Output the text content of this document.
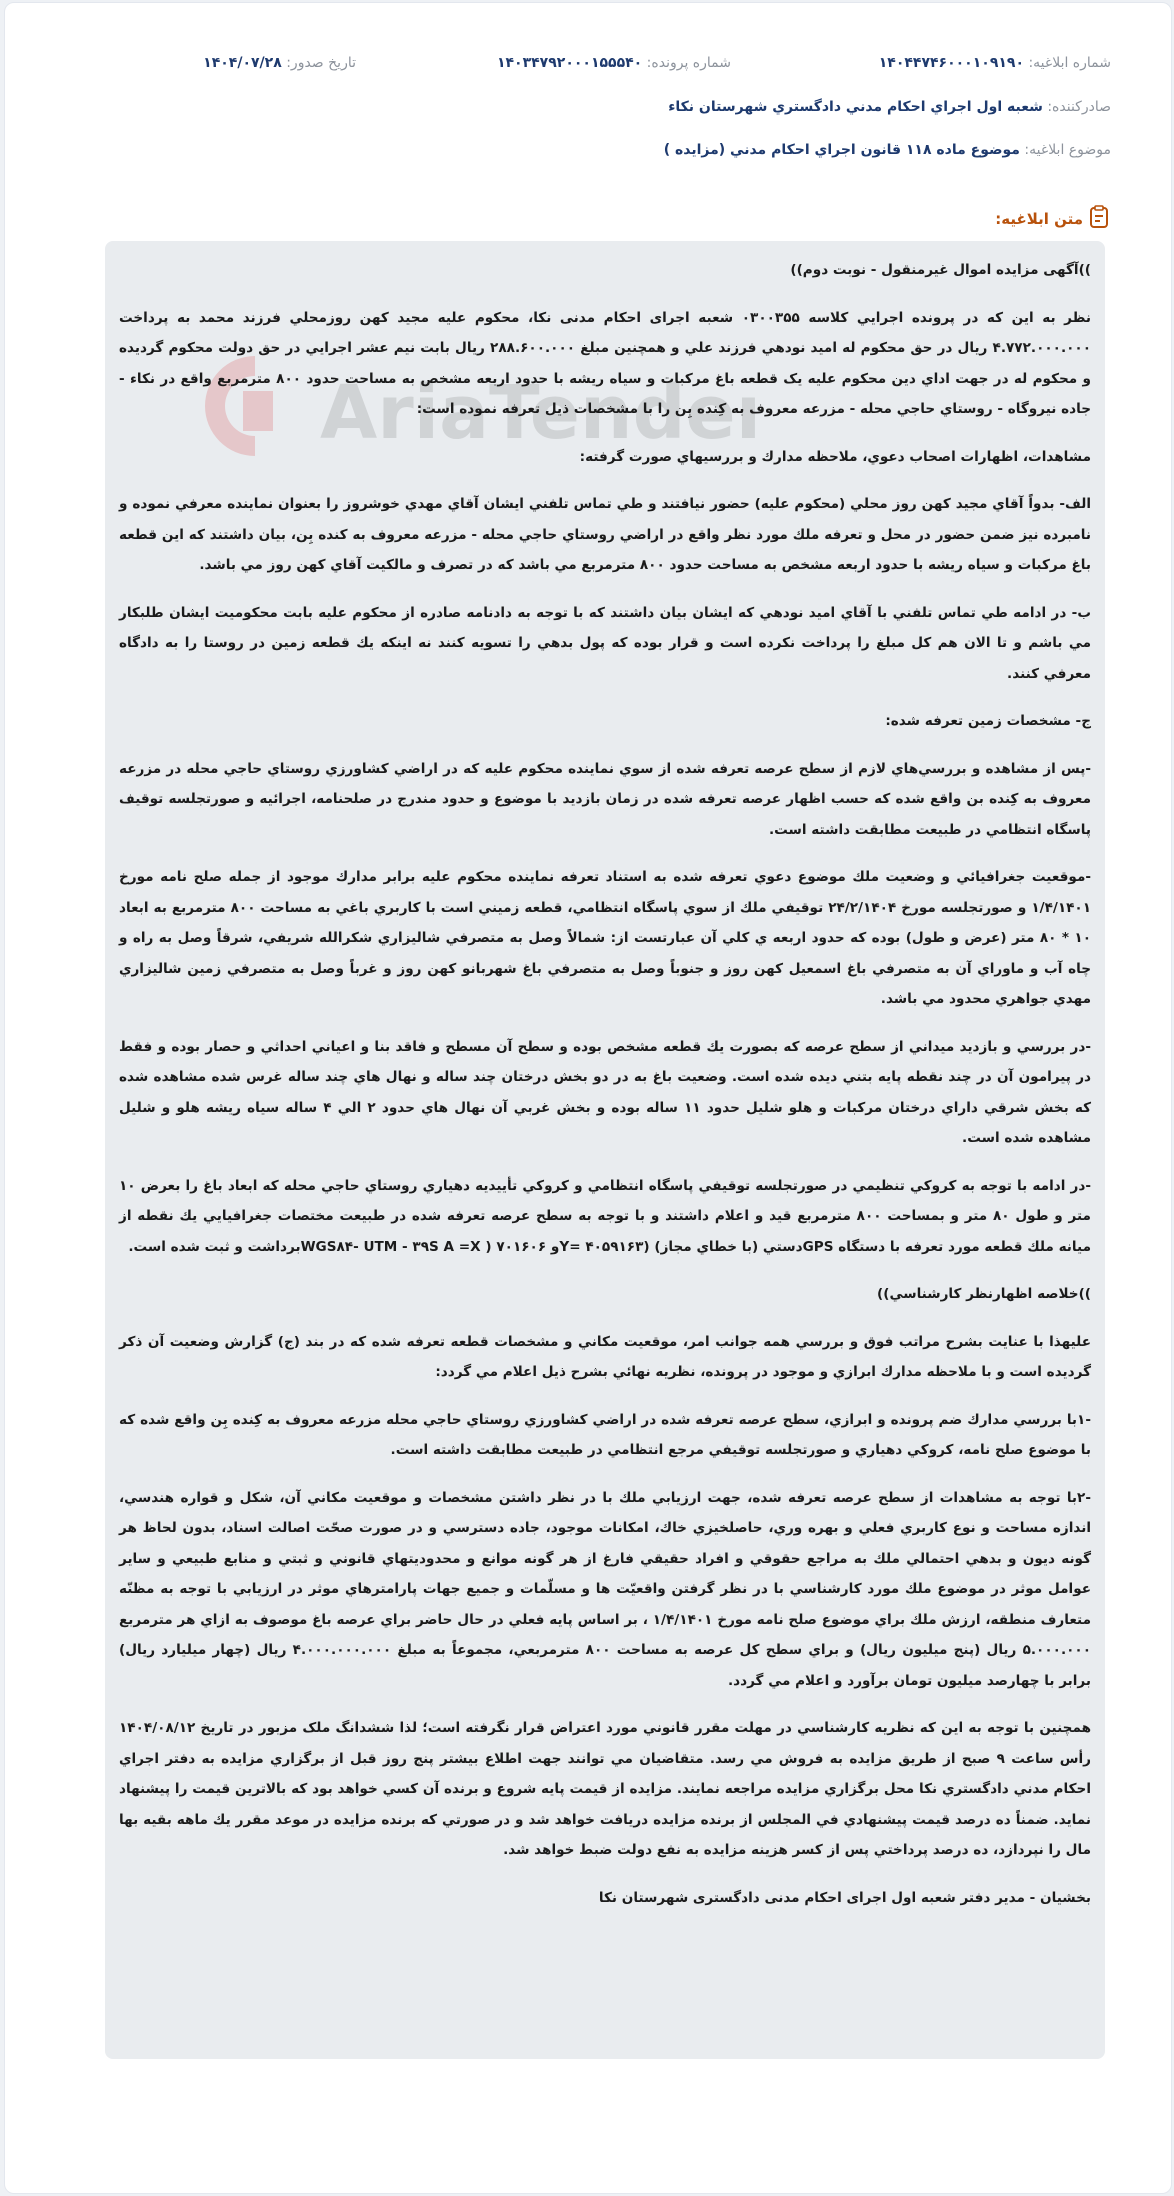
شماره ابلاغیه: ۱۴۰۴۴۷۴۶۰۰۰۱۰۹۱۹۰
شماره پرونده: ۱۴۰۳۴۷۹۲۰۰۰۱۵۵۵۴۰
تاریخ صدور: ۱۴۰۴/۰۷/۲۸
صادرکننده: شعبه اول اجراي احكام مدني دادگستري شهرستان نكاء
موضوع ابلاغیه: موضوع ماده ۱۱۸ قانون اجراي احكام مدني (مزايده )
متن ابلاغیه:
AriaTender

))آگهی مزایده اموال غیرمنقول - نوبت دوم))

نظر به اين که در پرونده اجرايي كلاسه ۰۳۰۰۳۵۵ شعبه اجرای احکام مدنی نکا، محكوم عليه مجيد كهن روزمحلي فرزند محمد به پرداخت ۴.۷۷۲.۰۰۰.۰۰۰ ريال در حق محكوم له اميد نودهي فرزند علي و همچنین مبلغ ۲۸۸.۶۰۰.۰۰۰ ريال بابت نيم عشر اجرايي در حق دولت محكوم گرديده و محكوم له در جهت اداي دين محکوم علیه یک قطعه باغ مرکبات و سیاه ریشه با حدود اربعه مشخص به مساحت حدود ۸۰۰ مترمربع واقع در نکاء - جاده نيروگاه - روستاي حاجي محله - مزرعه معروف به کِنده بِن را با مشخصات ذیل تعرفه نموده است:

مشاهدات، اظهارات اصحاب دعوي، ملاحظه مدارك و بررسيهاي صورت گرفته:

الف- بدواً آقاي مجيد كهن روز محلي (محكوم عليه) حضور نيافتند و طي تماس تلفني ايشان آقاي مهدي خوشروز را بعنوان نماينده معرفي نموده و نامبرده نيز ضمن حضور در محل و تعرفه ملك مورد نظر واقع در اراضي روستاي حاجي محله - مزرعه معروف به کنده بِن، بيان داشتند كه اين قطعه باغ مركبات و سياه ريشه با حدود اربعه مشخص به مساحت حدود ۸۰۰ مترمربع مي باشد كه در تصرف و مالكيت آقاي كهن روز مي باشد.

ب- در ادامه طي تماس تلفني با آقاي اميد نودهي كه ايشان بيان داشتند كه با توجه به دادنامه صادره از محكوم عليه بابت محكوميت ايشان طلبكار مي باشم و تا الان هم كل مبلغ را پرداخت نكرده است و قرار بوده كه پول بدهي را تسويه كنند نه اينكه يك قطعه زمين در روستا را به دادگاه معرفي كنند.

ج- مشخصات زمین تعرفه شده:

-پس از مشاهده و بررسي‌هاي لازم از سطح عرصه تعرفه شده از سوي نماينده محكوم عليه كه در اراضي كشاورزي روستاي حاجي محله در مزرعه معروف به کِنده بن واقع شده كه حسب اظهار عرصه تعرفه شده در زمان بازديد با موضوع و حدود مندرج در صلحنامه، اجرائيه و صورتجلسه توقيف پاسگاه انتظامي در طبيعت مطابقت داشته است.

-موقعيت جغرافيائي و وضعيت ملك موضوع دعوي تعرفه شده به استناد تعرفه نماينده محكوم عليه برابر مدارك موجود از جمله صلح نامه مورخ ۱/۴/۱۴۰۱ و صورتجلسه مورخ ۲۴/۲/۱۴۰۴ توقيفي ملك از سوي پاسگاه انتظامي، قطعه زميني است با كاربري باغي به مساحت ۸۰۰ مترمربع به ابعاد ۱۰ * ۸۰ متر (عرض و طول) بوده كه حدود اربعه ي كلي آن عبارتست از: شمالاً وصل به متصرفي شاليزاري شكرالله شريفي، شرقاً وصل به راه و چاه آب و ماوراي آن به متصرفي باغ اسمعيل كهن روز و جنوباً وصل به متصرفي باغ شهربانو كهن روز و غرباً وصل به متصرفي زمين شاليزاري مهدي جواهري محدود مي باشد.

-در بررسي و بازديد ميداني از سطح عرصه كه بصورت يك قطعه مشخص بوده و سطح آن مسطح و فاقد بنا و اعياني احداثي و حصار بوده و فقط در پيرامون آن در چند نقطه پايه بتني ديده شده است. وضعيت باغ به در دو بخش درختان چند ساله و نهال هاي چند ساله غرس شده مشاهده شده كه بخش شرقي داراي درختان مركبات و هلو شليل حدود ۱۱ ساله بوده و بخش غربي آن نهال هاي حدود ۲ الي ۴ ساله سياه ريشه هلو و شليل مشاهده شده است.

-در ادامه با توجه به كروكي تنظيمي در صورتجلسه توقيفي پاسگاه انتظامي و كروكي تأييديه دهياري روستاي حاجي محله كه ابعاد باغ را بعرض ۱۰ متر و طول ۸۰ متر و بمساحت ۸۰۰ مترمربع قيد و اعلام داشتند و با توجه به سطح عرصه تعرفه شده در طبيعت مختصات جغرافيايي يك نقطه از ميانه ملك قطعه مورد تعرفه با دستگاه GPSدستي (با خطاي مجاز) (۴۰۵۹۱۶۳ =Yو ۷۰۱۶۰۶ ( WGS۸۴- UTM - ۳۹S A =Xبرداشت و ثبت شده است.

))خلاصه اظهارنظر كارشناسي))

عليهذا با عنايت بشرح مراتب فوق و بررسي همه جوانب امر، موقعيت مكاني و مشخصات قطعه تعرفه شده كه در بند (ج) گزارش وضعيت آن ذكر گرديده است و با ملاحظه مدارك ابرازي و موجود در پرونده، نظريه نهائي بشرح ذيل اعلام مي گردد:

-۱با بررسي مدارك ضم پرونده و ابرازي، سطح عرصه تعرفه شده در اراضي كشاورزي روستاي حاجي محله مزرعه معروف به کِنده بِن واقع شده كه با موضوع صلح نامه، كروكي دهياري و صورتجلسه توقيفي مرجع انتظامي در طبيعت مطابقت داشته است.

-۲با توجه به مشاهدات از سطح عرصه تعرفه شده، جهت ارزيابي ملك با در نظر داشتن مشخصات و موقعيت مكاني آن، شكل و قواره هندسي، اندازه مساحت و نوع كاربري فعلي و بهره وري، حاصلخيزي خاك، امكانات موجود، جاده دسترسي و در صورت صحّت اصالت اسناد، بدون لحاظ هر گونه ديون و بدهي احتمالي ملك به مراجع حقوقي و افراد حقيقي فارغ از هر گونه موانع و محدوديتهاي قانوني و ثبتي و منابع طبيعي و ساير عوامل موثر در موضوع ملك مورد كارشناسي با در نظر گرفتن واقعيّت ها و مسلّمات و جميع جهات پارامترهاي موثر در ارزيابي با توجه به مظنّه متعارف منطقه، ارزش ملك براي موضوع صلح نامه مورخ ۱/۴/۱۴۰۱ ، بر اساس پايه فعلي در حال حاضر براي عرصه باغ موصوف به ازاي هر مترمربع ۵.۰۰۰.۰۰۰ ريال (پنج ميليون ريال) و براي سطح كل عرصه به مساحت ۸۰۰ مترمربعي، مجموعاً به مبلغ ۴.۰۰۰.۰۰۰.۰۰۰ ريال (چهار ميليارد ريال) برابر با چهارصد ميليون تومان برآورد و اعلام مي گردد.

همچنين با توجه به اين كه نظريه كارشناسي در مهلت مقرر قانوني مورد اعتراض قرار نگرفته است؛ لذا ششدانگ ملک مزبور در تاريخ ۱۴۰۴/۰۸/۱۲ رأس ساعت ۹ صبح از طريق مزايده به فروش مي رسد. متقاضيان مي توانند جهت اطلاع بيشتر پنج روز قبل از برگزاري مزايده به دفتر اجراي احكام مدني دادگستري نكا محل برگزاري مزايده مراجعه نمايند. مزايده از قيمت پايه شروع و برنده آن كسي خواهد بود كه بالاترين قيمت را پيشنهاد نمايد. ضمناً ده درصد قيمت پيشنهادي في المجلس از برنده مزايده دريافت خواهد شد و در صورتي كه برنده مزايده در موعد مقرر يك ماهه بقيه بها مال را نپردازد، ده درصد پرداختي پس از كسر هزينه مزايده به نفع دولت ضبط خواهد شد.

بخشیان - مدير دفتر شعبه اول اجرای احکام مدنی دادگستری شهرستان نكا
